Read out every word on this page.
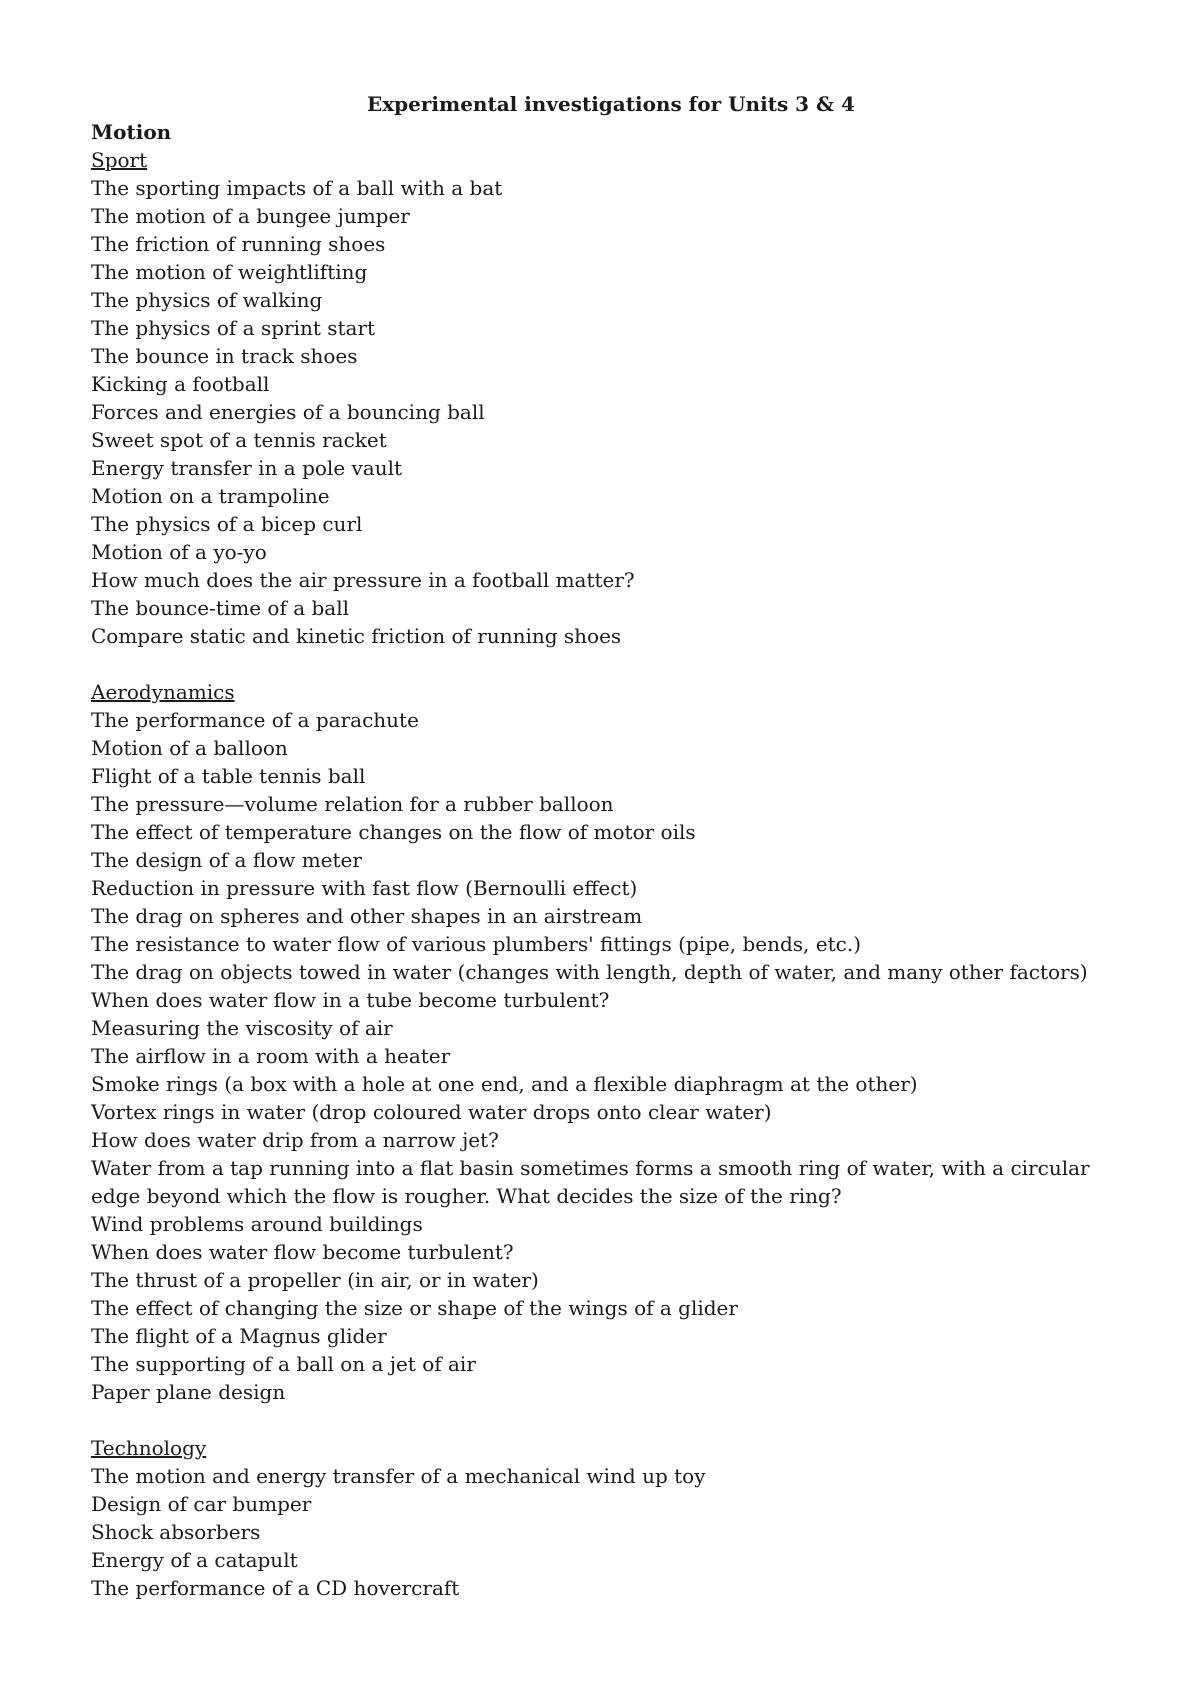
Experimental investigations for Units 3 & 4
Motion
Sport
The sporting impacts of a ball with a bat
The motion of a bungee jumper
The friction of running shoes
The motion of weightlifting
The physics of walking
The physics of a sprint start
The bounce in track shoes
Kicking a football
Forces and energies of a bouncing ball
Sweet spot of a tennis racket
Energy transfer in a pole vault
Motion on a trampoline
The physics of a bicep curl
Motion of a yo-yo
How much does the air pressure in a football matter?
The bounce-time of a ball
Compare static and kinetic friction of running shoes
Aerodynamics
The performance of a parachute
Motion of a balloon
Flight of a table tennis ball
The pressure—volume relation for a rubber balloon
The effect of temperature changes on the flow of motor oils
The design of a flow meter
Reduction in pressure with fast flow (Bernoulli effect)
The drag on spheres and other shapes in an airstream
The resistance to water flow of various plumbers' fittings (pipe, bends, etc.)
The drag on objects towed in water (changes with length, depth of water, and many other factors)
When does water flow in a tube become turbulent?
Measuring the viscosity of air
The airflow in a room with a heater
Smoke rings (a box with a hole at one end, and a flexible diaphragm at the other)
Vortex rings in water (drop coloured water drops onto clear water)
How does water drip from a narrow jet?
Water from a tap running into a flat basin sometimes forms a smooth ring of water, with a circular edge beyond which the flow is rougher. What decides the size of the ring?
Wind problems around buildings
When does water flow become turbulent?
The thrust of a propeller (in air, or in water)
The effect of changing the size or shape of the wings of a glider
The flight of a Magnus glider
The supporting of a ball on a jet of air
Paper plane design
Technology
The motion and energy transfer of a mechanical wind up toy
Design of car bumper
Shock absorbers
Energy of a catapult
The performance of a CD hovercraft
